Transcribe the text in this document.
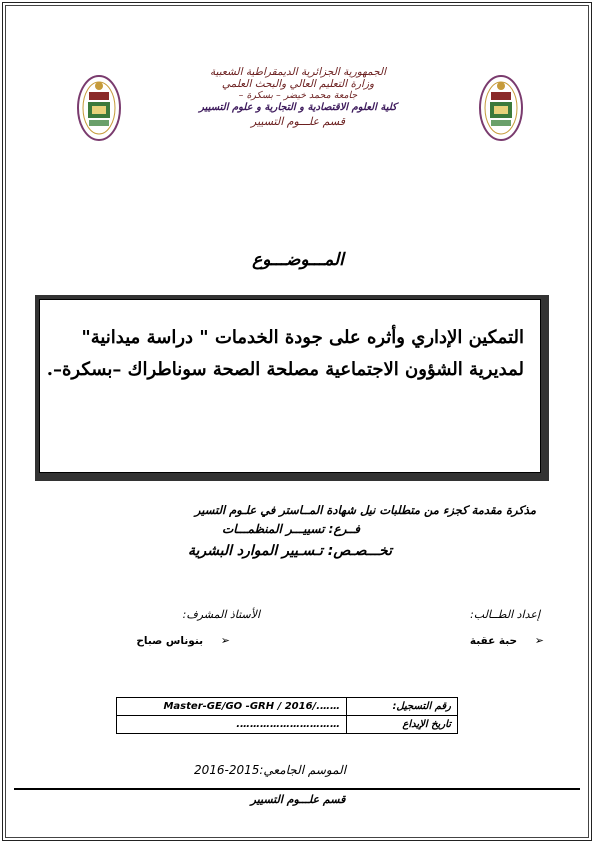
الجمهورية الجزائرية الديمقراطية الشعبية
وزارة التعليم العالي والبحث العلمي
جامعة محمد خيضر – بسكرة –
كلية العلوم الاقتصادية و التجارية و علوم التسيير
قسم علـــوم التسيير
المـــوضـــوع
التمكين الإداري وأثره على جودة الخدمات " دراسة ميدانية"
لمديرية الشؤون الاجتماعية مصلحة الصحة سوناطراك –بسكرة–.
مذكرة مقدمة كجزء من متطلبات نيل شهادة المــاستر في علـوم التسير
فــرع: تسييـــر المنظمـــات
تخـــصـص: تـسـيير الموارد البشرية
إعداد الطــالب:
الأستاذ المشرف:
➢ حبة عقبة
➢ بنوناس صباح
……./Master-GE/GO -GRH / 2016	رقم التسجيل:
………………………….	تاريخ الإيداع
الموسم الجامعي:2015-2016
قسم علـــوم التسيير
